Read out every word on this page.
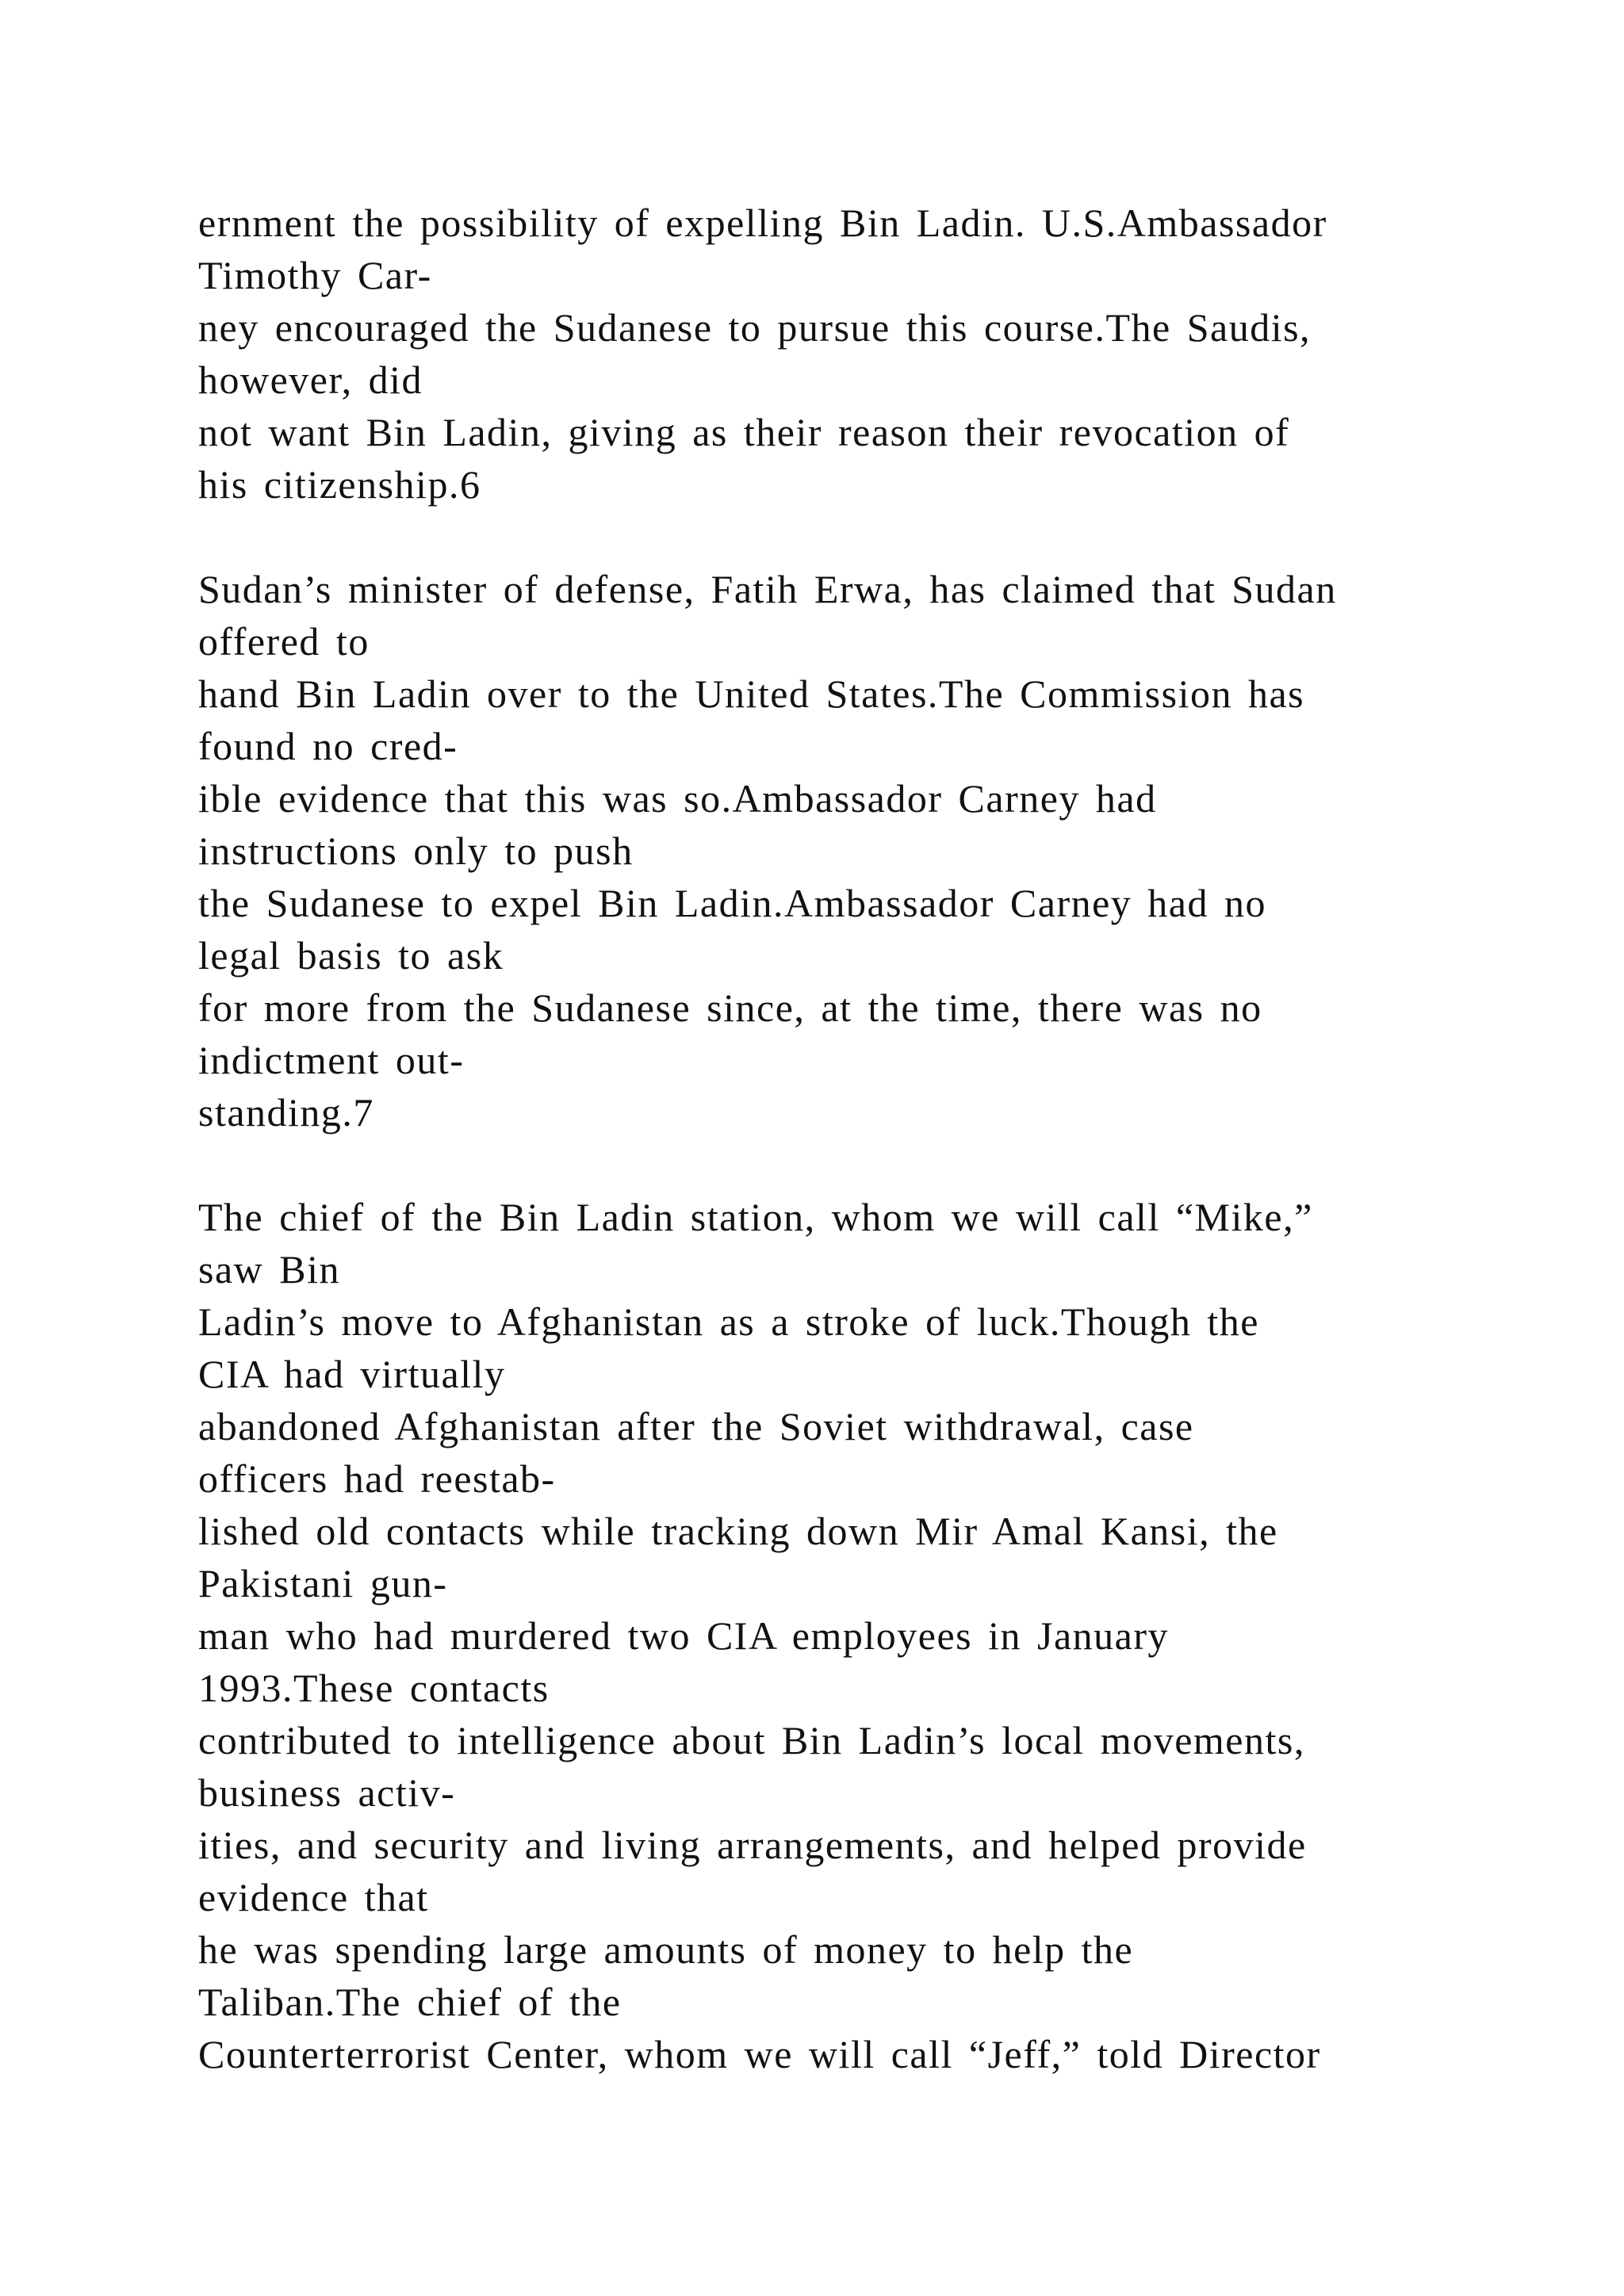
ernment the possibility of expelling Bin Ladin. U.S.Ambassador
Timothy Car-
ney encouraged the Sudanese to pursue this course.The Saudis,
however, did
not want Bin Ladin, giving as their reason their revocation of
his citizenship.6
Sudan’s minister of defense, Fatih Erwa, has claimed that Sudan
offered to
hand Bin Ladin over to the United States.The Commission has
found no cred-
ible evidence that this was so.Ambassador Carney had
instructions only to push
the Sudanese to expel Bin Ladin.Ambassador Carney had no
legal basis to ask
for more from the Sudanese since, at the time, there was no
indictment out-
standing.7
The chief of the Bin Ladin station, whom we will call “Mike,”
saw Bin
Ladin’s move to Afghanistan as a stroke of luck.Though the
CIA had virtually
abandoned Afghanistan after the Soviet withdrawal, case
officers had reestab-
lished old contacts while tracking down Mir Amal Kansi, the
Pakistani gun-
man who had murdered two CIA employees in January
1993.These contacts
contributed to intelligence about Bin Ladin’s local movements,
business activ-
ities, and security and living arrangements, and helped provide
evidence that
he was spending large amounts of money to help the
Taliban.The chief of the
Counterterrorist Center, whom we will call “Jeff,” told Director
